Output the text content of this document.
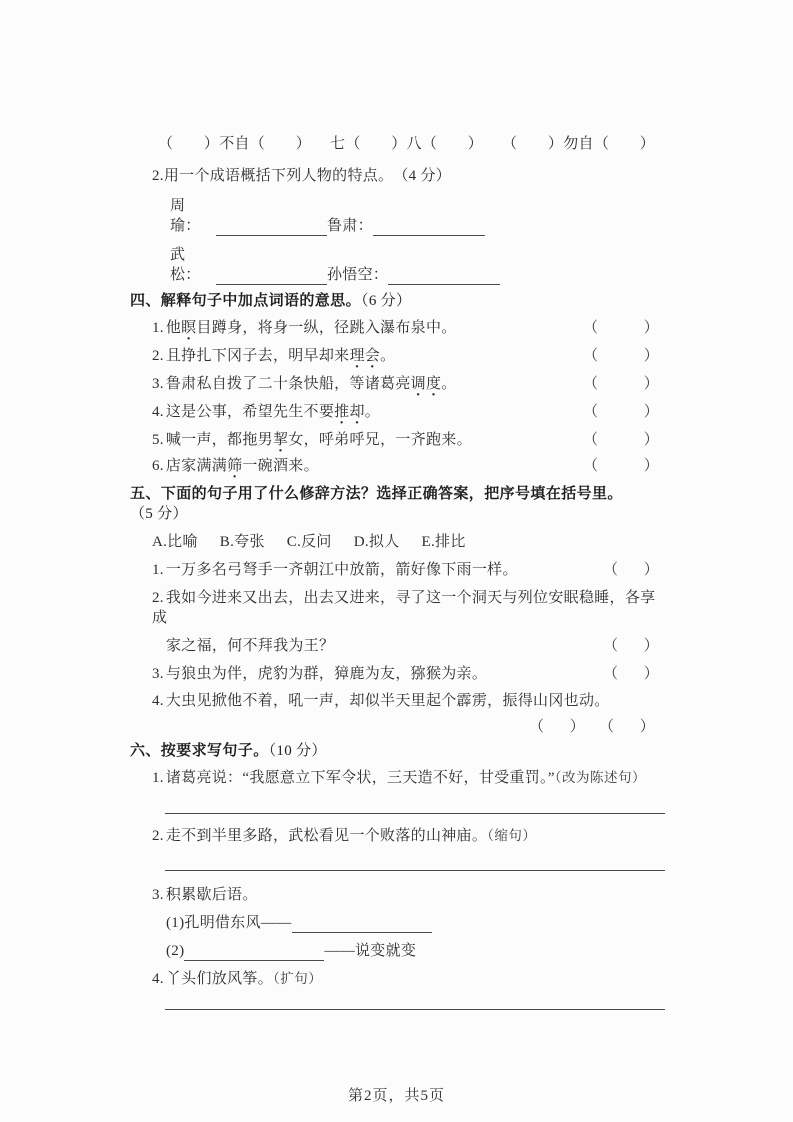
（　　）不自（　　） 七（　　）八（　　） （　　）勿自（　　）
2.用一个成语概括下列人物的特点。 （4 分）
周瑜：	鲁肃：
武松：	孙悟空：
四、解释句子中加点词语的意思。（6 分）
1. 他瞑目蹲身，将身一纵，径跳入瀑布泉中。	（	）
2. 且挣扎下冈子去，明早却来理会。	（	）
3. 鲁肃私自拨了二十条快船，等诸葛亮调度。	（	）
4. 这是公事，希望先生不要推却。	（	）
5. 喊一声，都拖男挈女，呼弟呼兄，一齐跑来。	（	）
6. 店家满满筛一碗酒来。	（	）
五、下面的句子用了什么修辞方法？选择正确答案，把序号填在括号里。（5 分）
A.比喻 B.夸张 C.反问 D.拟人 E.排比
1. 一万多名弓弩手一齐朝江中放箭，箭好像下雨一样。	（ ）
2. 我如今进来又出去，出去又进来，寻了这一个洞天与列位安眠稳睡，各享成
家之福，何不拜我为王？	（ ）
3. 与狼虫为伴，虎豹为群，獐鹿为友，猕猴为亲。	（ ）
4. 大虫见掀他不着，吼一声，却似半天里起个霹雳，振得山冈也动。
（ ） （ ）
六、按要求写句子。（10 分）
1. 诸葛亮说：“我愿意立下军令状，三天造不好，甘受重罚。”（改为陈述句）
2. 走不到半里多路，武松看见一个败落的山神庙。（缩句）
3. 积累歇后语。
(1)孔明借东风——
(2)	——说变就变
4. 丫头们放风筝。（扩句）
第2页，共5页
